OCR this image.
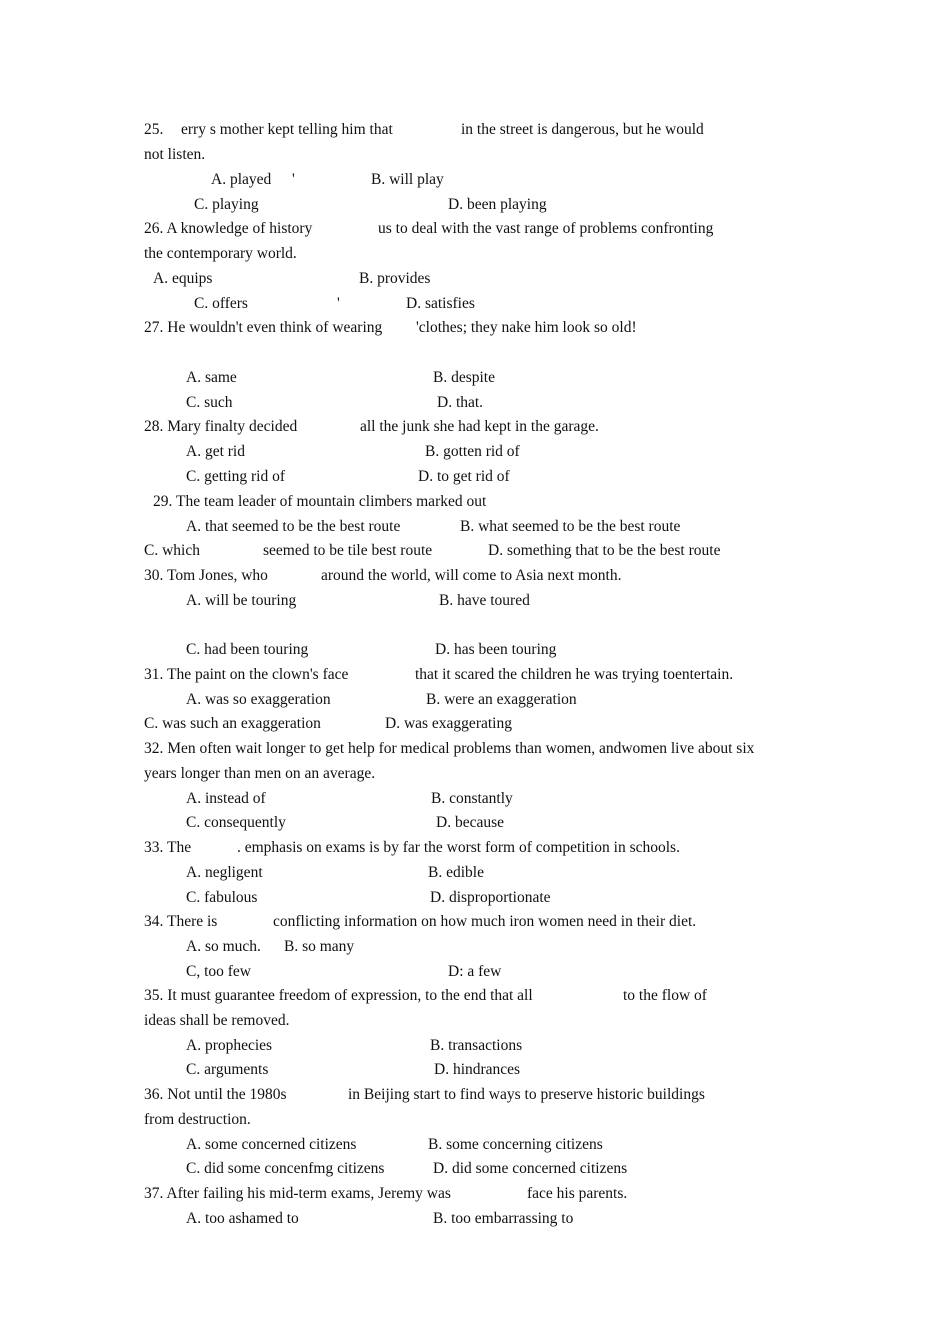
25. erry s mother kept telling him that	in the street is dangerous, but he would
not listen.
A. played '	B. will play
C. playing	D. been playing
26. A knowledge of history	us to deal with the vast range of problems confronting
the contemporary world.
A. equips	B. provides
C. offers	'	D. satisfies
27. He wouldn't even think of wearing 'clothes; they nake him look so old!
A. same	B. despite
C. such	D. that.
28. Mary finalty decided	all the junk she had kept in the garage.
A. get rid	B. gotten rid of
C. getting rid of	D. to get rid of
29. The team leader of mountain climbers marked out
A. that seemed to be the best route	B. what seemed to be the best route
C. which	seemed to be tile best route	D. something that to be the best route
30. Tom Jones, who	around the world, will come to Asia next month.
A. will be touring	B. have toured
C. had been touring	D. has been touring
31. The paint on the clown's face	that it scared the children he was trying toentertain.
A. was so exaggeration	B. were an exaggeration
C. was such an exaggeration	D. was exaggerating
32. Men often wait longer to get help for medical problems than women, andwomen live about six
years longer than men on an average.
A. instead of	B. constantly
C. consequently	D. because
33. The	. emphasis on exams is by far the worst form of competition in schools.
A. negligent	B. edible
C. fabulous	D. disproportionate
34. There is	conflicting information on how much iron women need in their diet.
A. so much. B. so many
C, too few	D: a few
35. It must guarantee freedom of expression, to the end that all	to the flow of
ideas shall be removed.
A. prophecies	B. transactions
C. arguments	D. hindrances
36. Not until the 1980s	in Beijing start to find ways to preserve historic buildings
from destruction.
A. some concerned citizens	B. some concerning citizens
C. did some concenfmg citizens	D. did some concerned citizens
37. After failing his mid-term exams, Jeremy was	face his parents.
A. too ashamed to	B. too embarrassing to
